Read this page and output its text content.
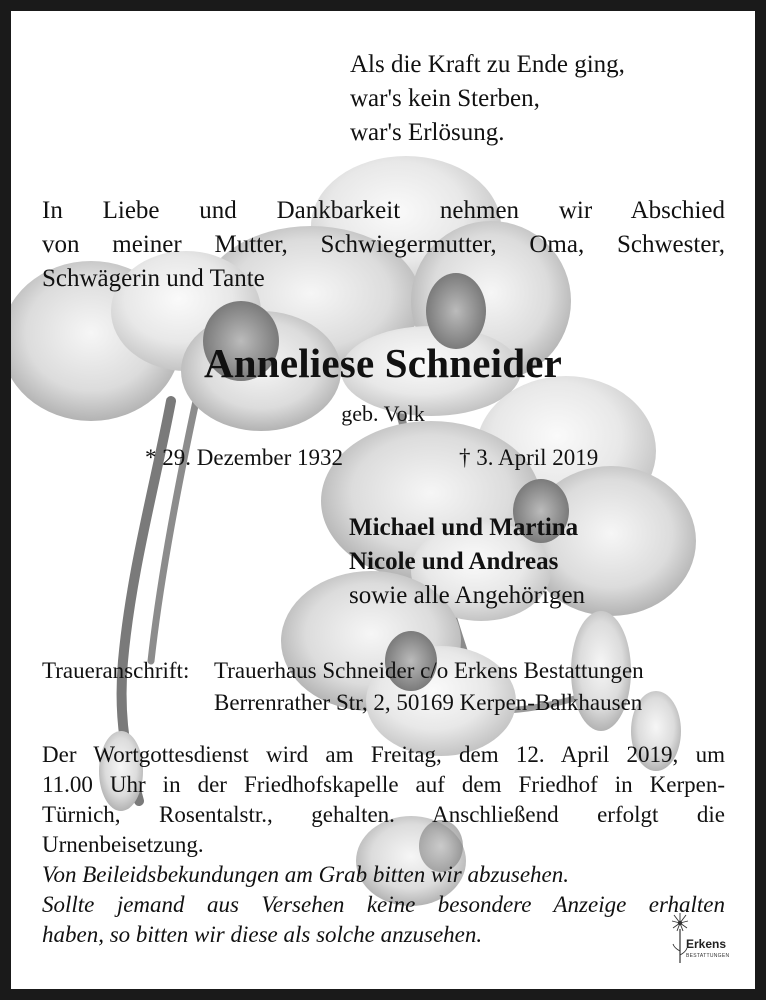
Als die Kraft zu Ende ging,
war's kein Sterben,
war's Erlösung.
In Liebe und Dankbarkeit nehmen wir Abschied
von meiner Mutter, Schwiegermutter, Oma, Schwester,
Schwägerin und Tante
Anneliese Schneider
geb. Volk
* 29. Dezember 1932	† 3. April 2019
Michael und Martina
Nicole und Andreas
sowie alle Angehörigen
Traueranschrift: Trauerhaus Schneider c/o Erkens Bestattungen
Berrenrather Str, 2, 50169 Kerpen-Balkhausen
Der Wortgottesdienst wird am Freitag, dem 12. April 2019, um
11.00 Uhr in der Friedhofskapelle auf dem Friedhof in Kerpen-
Türnich, Rosentalstr., gehalten. Anschließend erfolgt die
Urnenbeisetzung.
Von Beileidsbekundungen am Grab bitten wir abzusehen.
Sollte jemand aus Versehen keine besondere Anzeige erhalten
haben, so bitten wir diese als solche anzusehen.	Erkens
BESTATTUNGEN
